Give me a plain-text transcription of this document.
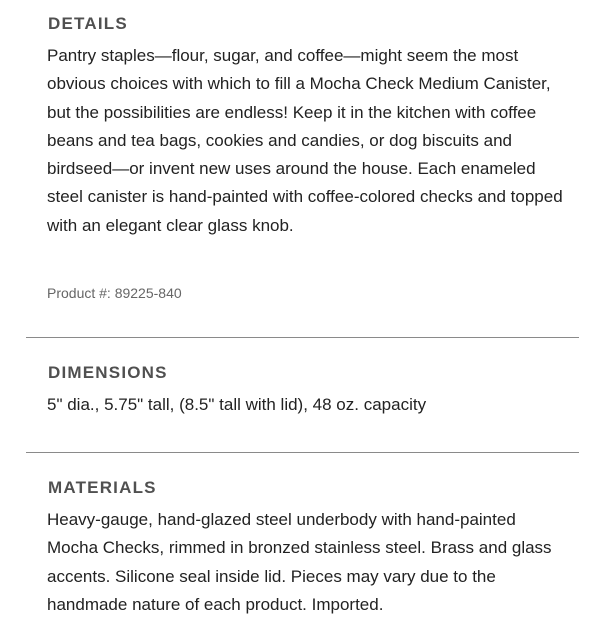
DETAILS

Pantry staples—flour, sugar, and coffee—might seem the most obvious choices with which to fill a Mocha Check Medium Canister, but the possibilities are endless! Keep it in the kitchen with coffee beans and tea bags, cookies and candies, or dog biscuits and birdseed—or invent new uses around the house. Each enameled steel canister is hand-painted with coffee-colored checks and topped with an elegant clear glass knob.

Product #: 89225-840

DIMENSIONS

5" dia., 5.75" tall, (8.5" tall with lid), 48 oz. capacity

MATERIALS

Heavy-gauge, hand-glazed steel underbody with hand-painted Mocha Checks, rimmed in bronzed stainless steel. Brass and glass accents. Silicone seal inside lid. Pieces may vary due to the handmade nature of each product. Imported.
